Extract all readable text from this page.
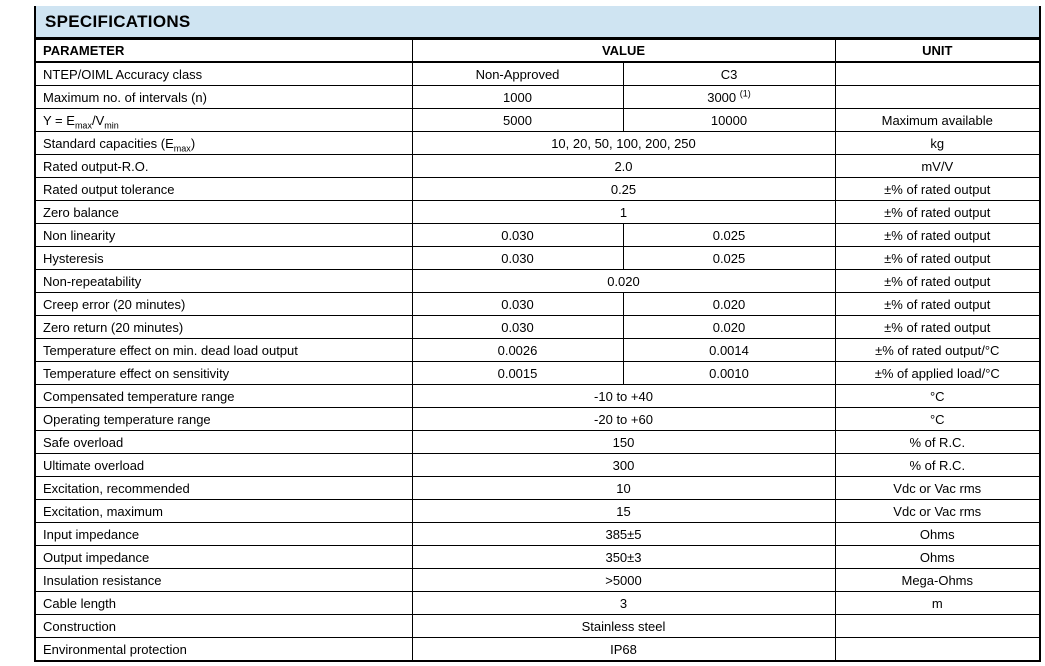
SPECIFICATIONS			
PARAMETER	VALUE		UNIT
NTEP/OIML Accuracy class	Non-Approved	C3	
Maximum no. of intervals (n)	1000	3000 $^{(1)}$	
$Y = E_{max}/V_{min}$	5000	10000	Maximum available
Standard capacities $(E_{max})$	10, 20, 50, 100, 200, 250		kg
Rated output-R.O.	2.0		mV/V
Rated output tolerance	0.25		±% of rated output
Zero balance	1		±% of rated output
Non linearity	0.030	0.025	±% of rated output
Hysteresis	0.030	0.025	±% of rated output
Non-repeatability	0.020		±% of rated output
Creep error (20 minutes)	0.030	0.020	±% of rated output
Zero return (20 minutes)	0.030	0.020	±% of rated output
Temperature effect on min. dead load output	0.0026	0.0014	±% of rated output/°C
Temperature effect on sensitivity	0.0015	0.0010	±% of applied load/°C
Compensated temperature range	-10 to +40		°C
Operating temperature range	-20 to +60		°C
Safe overload	150		% of R.C.
Ultimate overload	300		% of R.C.
Excitation, recommended	10		Vdc or Vac rms
Excitation, maximum	15		Vdc or Vac rms
Input impedance	385±5		Ohms
Output impedance	350±3		Ohms
Insulation resistance	>5000		Mega-Ohms
Cable length	3		m
Construction	Stainless steel		
Environmental protection	IP68		
